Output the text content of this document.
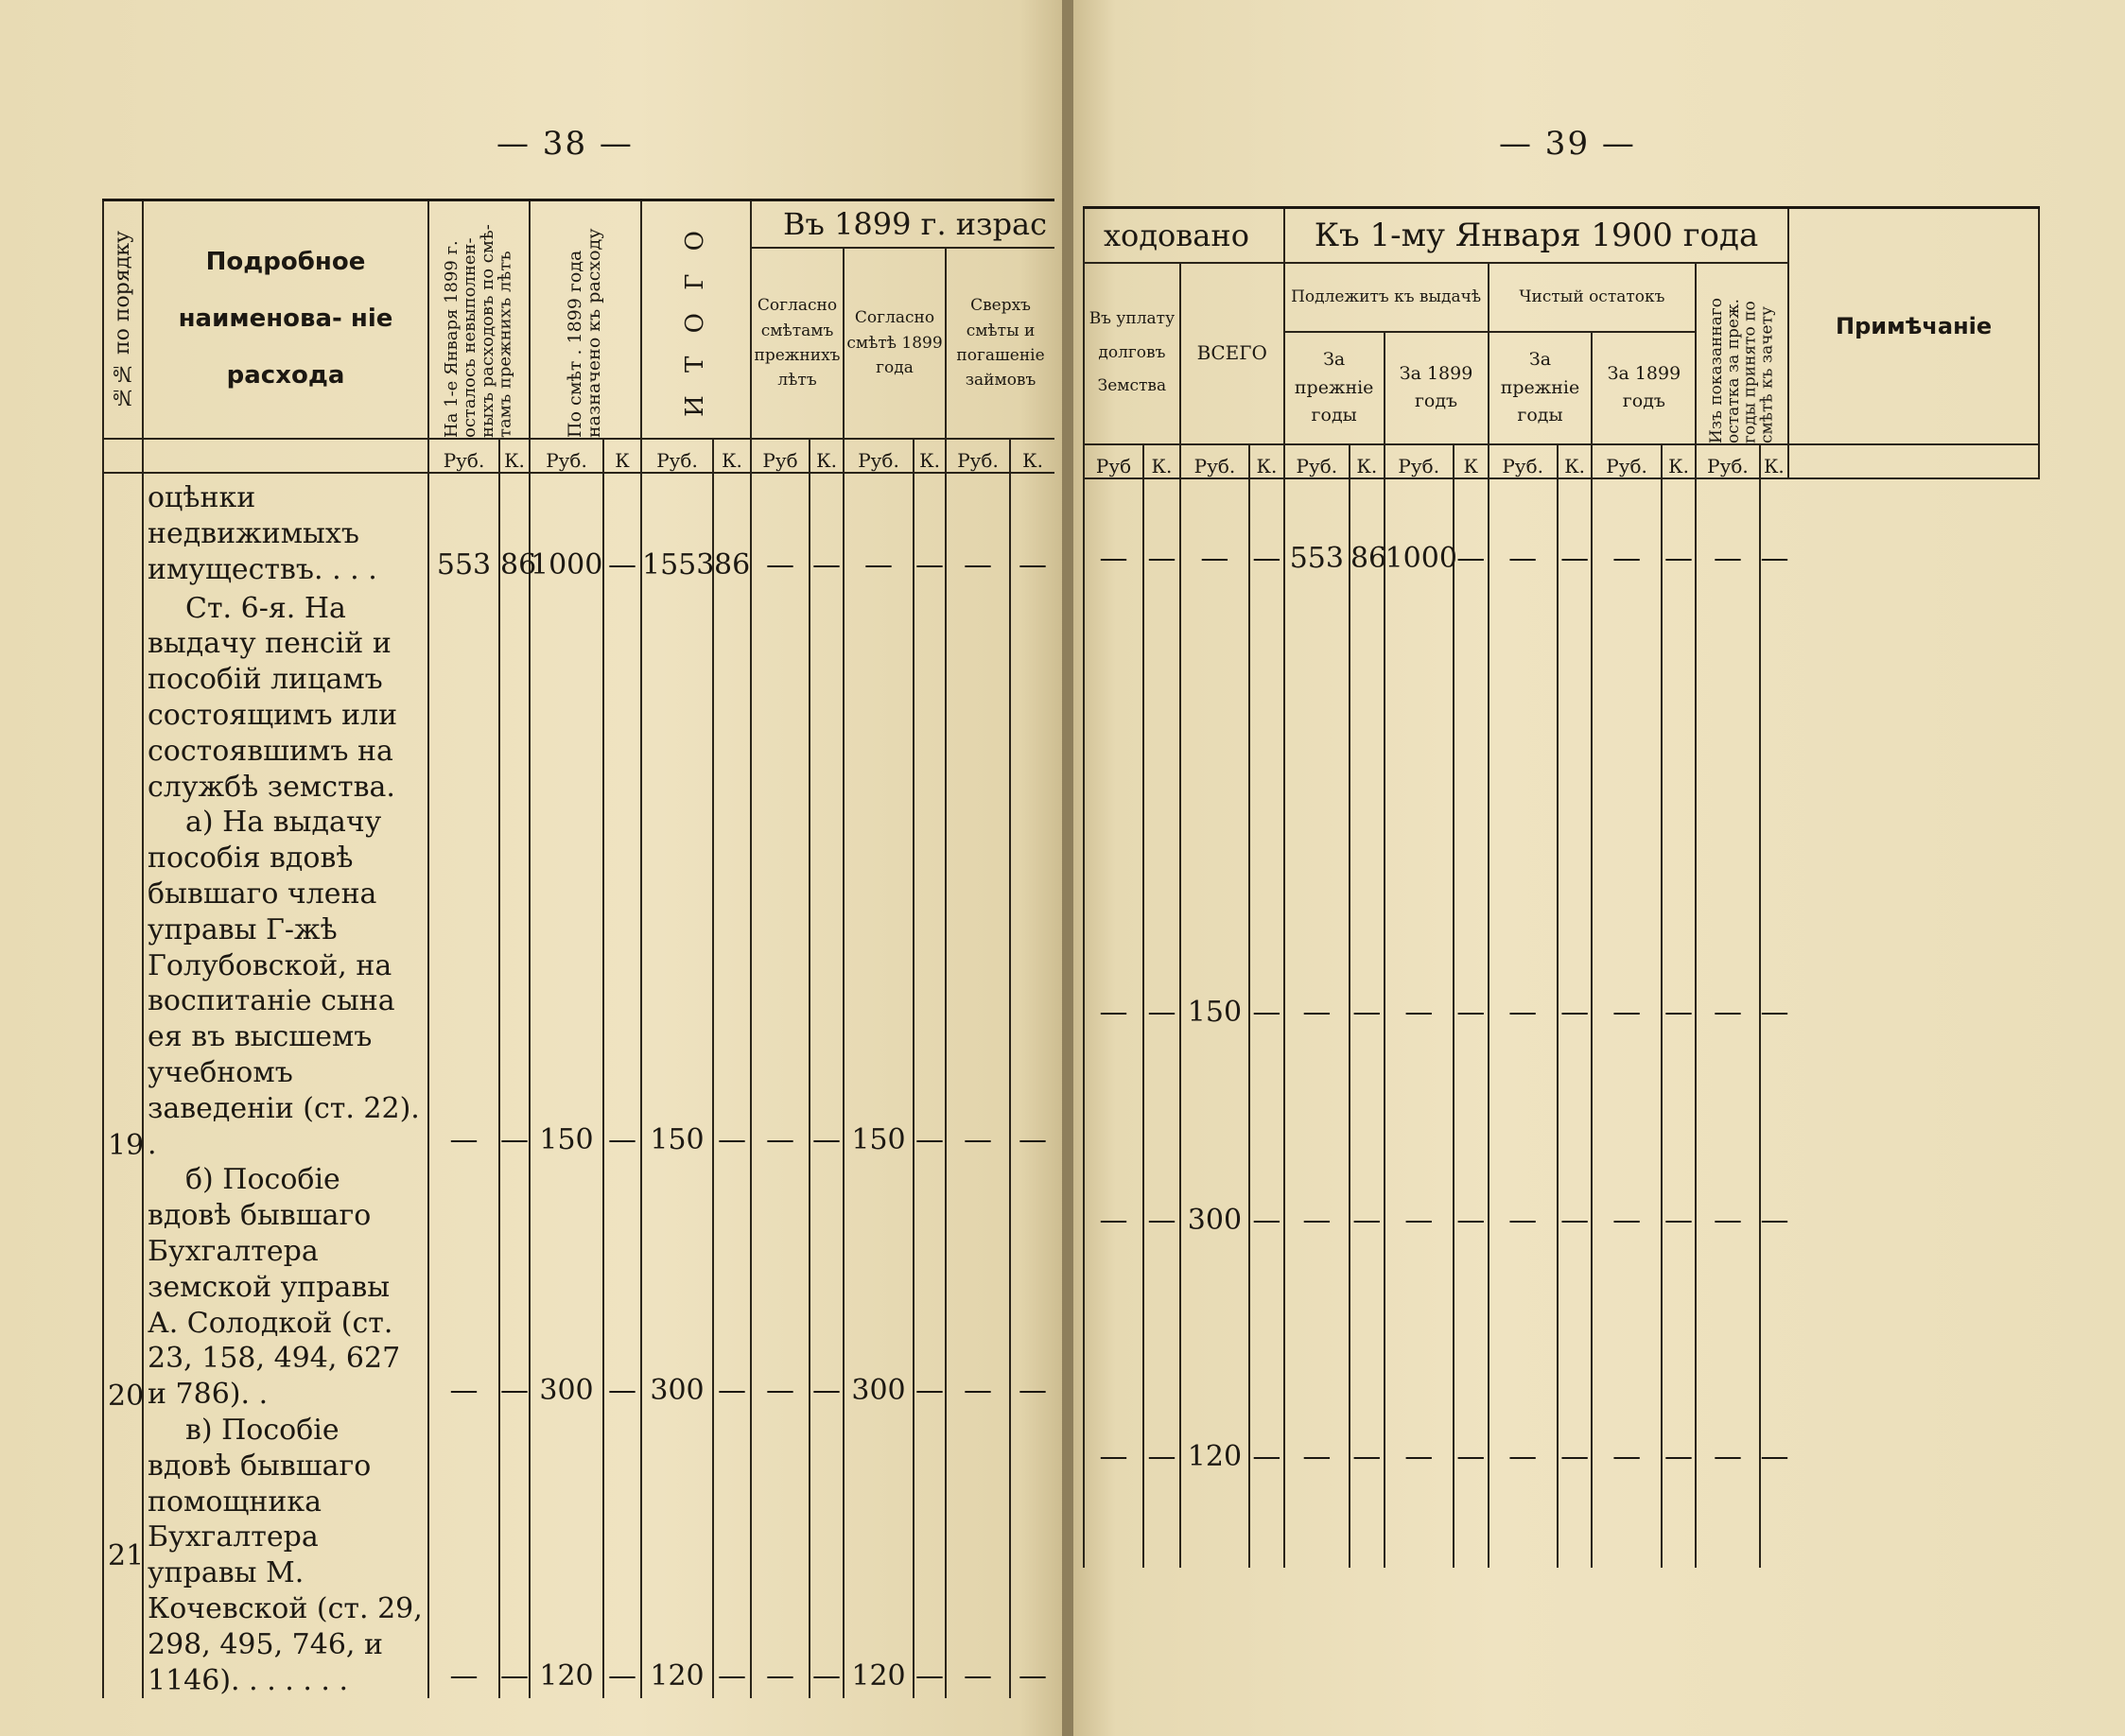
— 38 —
№№ по порядку	Подробное наименова- ніе расхода	На 1-е Января 1899 г. осталось невыполнен- ныхъ расходовъ по смѣ- тамъ прежнихъ лѣтъ		По смѣт . 1899 года назначено къ расходу		И Т О Г О		Въ 1899 г. израс					

								Согласно смѣтамъ прежнихъ лѣтъ		Согласно смѣтѣ 1899 года		Сверхъ смѣты и погашеніе займовъ	

		Руб.	К.	Руб.	К	Руб.	К.	Руб	К.	Руб.	К.	Руб.	К.

	оцѣнки недвижимыхъ имуществъ. . . .	553	86	1000	—	1553	86	—	—	—	—	—	—
	Ст. 6-я. На выдачу пенсій и пособій лицамъ состоящимъ или состоявшимъ на службѣ земства.												
19	а) На выдачу пособія вдовѣ бывшаго члена управы Г-жѣ Голубовской, на воспитаніе сына ея въ высшемъ учебномъ заведеніи (ст. 22). .	—	—	150	—	150	—	—	—	150	—	—	—
20	б) Пособіе вдовѣ бывшаго Бухгалтера земской управы А. Солодкой (ст. 23, 158, 494, 627 и 786). .	—	—	300	—	300	—	—	—	300	—	—	—
21	в) Пособіе вдовѣ бывшаго помощника Бухгалтера управы М. Кочевской (ст. 29, 298, 495, 746, и 1146). . . . . . .	—	—	120	—	120	—	—	—	120	—	—	—

— 39 —
ходовано				Къ 1-му Января 1900 года										Примѣчаніе

Въ уплату долговъ Земства		ВСЕГО		Подлежитъ къ выдачѣ				Чистый остатокъ				Изъ показаннаго остатка за преж. годы принято по смѣтѣ къ зачету		

				За прежніе годы		За 1899 годъ		За прежніе годы		За 1899 годъ				

Руб	К.	Руб.	К.	Руб.	К.	Руб.	К	Руб.	К.	Руб.	К.	Руб.	К.	

—	—	—	—	553	86	1000	—	—	—	—	—	—	—	

—	—	150	—	—	—	—	—	—	—	—	—	—	—	
—	—	300	—	—	—	—	—	—	—	—	—	—	—	
—	—	120	—	—	—	—	—	—	—	—	—	—	—	
